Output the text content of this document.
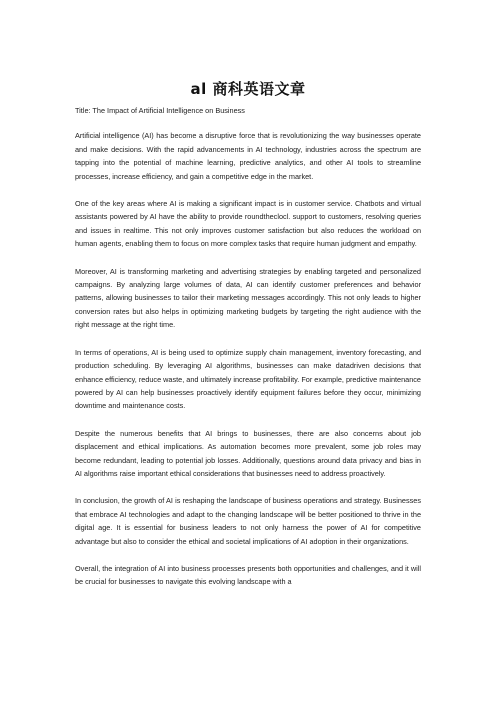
al 商科英语文章

Title: The Impact of Artificial Intelligence on Business

Artificial intelligence (AI) has become a disruptive force that is revolutionizing the way businesses operate and make decisions. With the rapid advancements in AI technology, industries across the spectrum are tapping into the potential of machine learning, predictive analytics, and other AI tools to streamline processes, increase efficiency, and gain a competitive edge in the market.

One of the key areas where AI is making a significant impact is in customer service. Chatbots and virtual assistants powered by AI have the ability to provide roundtheclocl. support to customers, resolving queries and issues in realtime. This not only improves customer satisfaction but also reduces the workload on human agents, enabling them to focus on more complex tasks that require human judgment and empathy.

Moreover, AI is transforming marketing and advertising strategies by enabling targeted and personalized campaigns. By analyzing large volumes of data, AI can identify customer preferences and behavior patterns, allowing businesses to tailor their marketing messages accordingly. This not only leads to higher conversion rates but also helps in optimizing marketing budgets by targeting the right audience with the right message at the right time.

In terms of operations, AI is being used to optimize supply chain management, inventory forecasting, and production scheduling. By leveraging AI algorithms, businesses can make datadriven decisions that enhance efficiency, reduce waste, and ultimately increase profitability. For example, predictive maintenance powered by AI can help businesses proactively identify equipment failures before they occur, minimizing downtime and maintenance costs.

Despite the numerous benefits that AI brings to businesses, there are also concerns about job displacement and ethical implications. As automation becomes more prevalent, some job roles may become redundant, leading to potential job losses. Additionally, questions around data privacy and bias in AI algorithms raise important ethical considerations that businesses need to address proactively.

In conclusion, the growth of AI is reshaping the landscape of business operations and strategy. Businesses that embrace AI technologies and adapt to the changing landscape will be better positioned to thrive in the digital age. It is essential for business leaders to not only harness the power of AI for competitive advantage but also to consider the ethical and societal implications of AI adoption in their organizations.

Overall, the integration of AI into business processes presents both opportunities and challenges, and it will be crucial for businesses to navigate this evolving landscape with a
